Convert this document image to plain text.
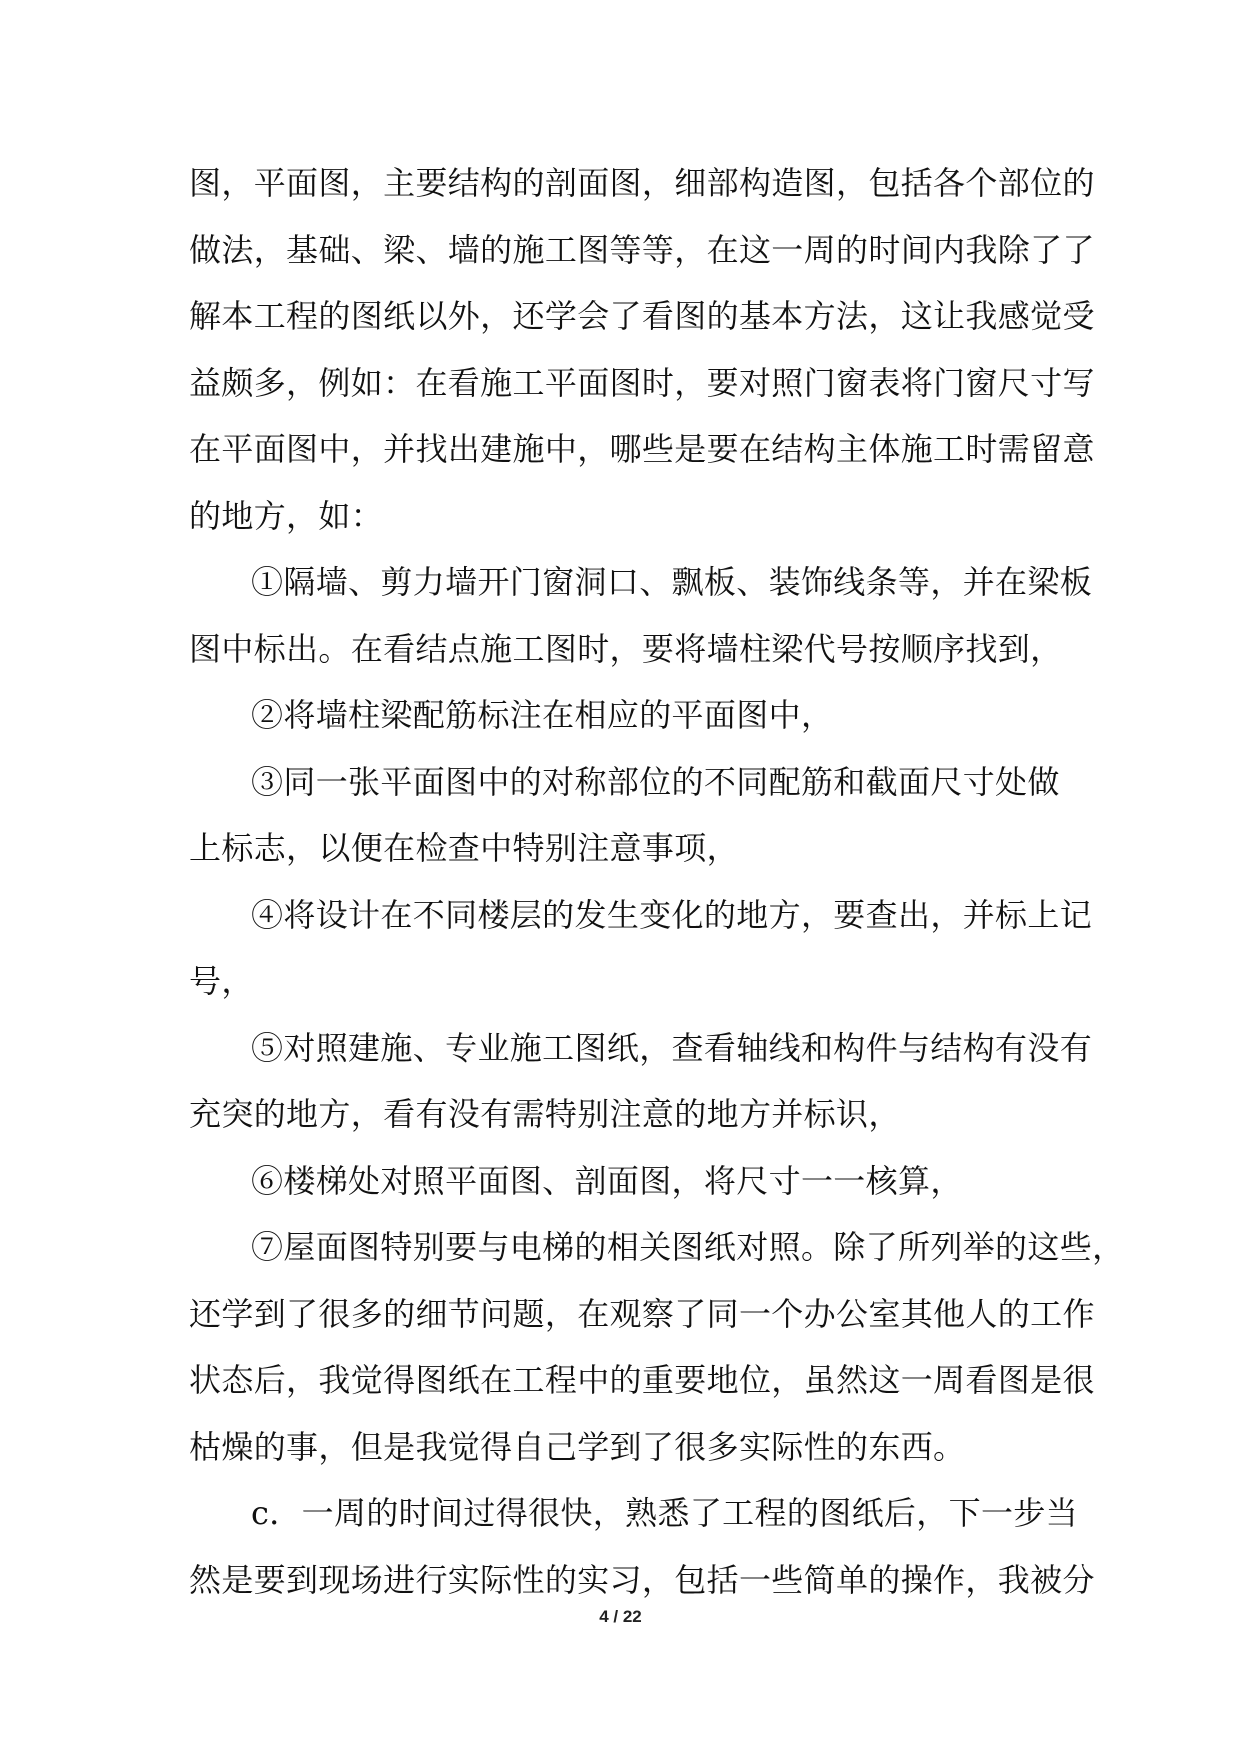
图，平面图，主要结构的剖面图，细部构造图，包括各个部位的
做法，基础、梁、墙的施工图等等，在这一周的时间内我除了了
解本工程的图纸以外，还学会了看图的基本方法，这让我感觉受
益颇多，例如：在看施工平面图时，要对照门窗表将门窗尺寸写
在平面图中，并找出建施中，哪些是要在结构主体施工时需留意
的地方，如：
①隔墙、剪力墙开门窗洞口、飘板、装饰线条等，并在梁板
图中标出。在看结点施工图时，要将墙柱梁代号按顺序找到，
②将墙柱梁配筋标注在相应的平面图中，
③同一张平面图中的对称部位的不同配筋和截面尺寸处做
上标志，以便在检查中特别注意事项，
④将设计在不同楼层的发生变化的地方，要查出，并标上记
号，
⑤对照建施、专业施工图纸，查看轴线和构件与结构有没有
充突的地方，看有没有需特别注意的地方并标识，
⑥楼梯处对照平面图、剖面图，将尺寸一一核算，
⑦屋面图特别要与电梯的相关图纸对照。除了所列举的这些，
还学到了很多的细节问题，在观察了同一个办公室其他人的工作
状态后，我觉得图纸在工程中的重要地位，虽然这一周看图是很
枯燥的事，但是我觉得自己学到了很多实际性的东西。
c．一周的时间过得很快，熟悉了工程的图纸后，下一步当
然是要到现场进行实际性的实习，包括一些简单的操作，我被分
4 / 22
